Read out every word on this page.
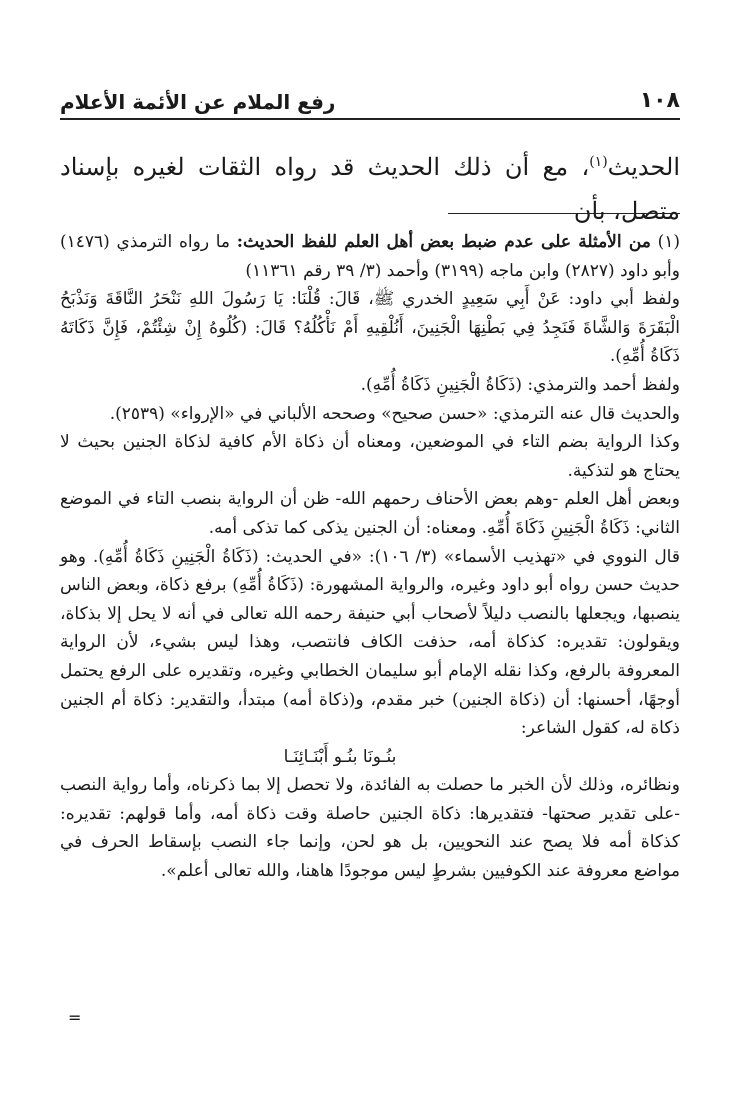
١٠٨
رفع الملام عن الأئمة الأعلام
الحديث$^{(١)}$، مع أن ذلك الحديث قد رواه الثقات لغيره بإسناد متصل، بأن

(١) من الأمثلة على عدم ضبط بعض أهل العلم للفظ الحديث: ما رواه الترمذي (١٤٧٦) وأبو داود (٢٨٢٧) وابن ماجه (٣١٩٩) وأحمد (٣/ ٣٩ رقم ١١٣٦١)

ولفظ أبي داود: عَنْ أَبِي سَعِيدٍ الخدري ﷺ، قَالَ: قُلْنَا: يَا رَسُولَ اللهِ نَنْحَرُ النَّاقَةَ وَنَذْبَحُ الْبَقَرَةَ وَالشَّاةَ فَنَجِدُ فِي بَطْنِهَا الْجَنِينَ، أَنُلْقِيهِ أَمْ نَأْكُلُهُ؟ قَالَ: (كُلُوهُ إِنْ شِئْتُمْ، فَإِنَّ ذَكَاتَهُ ذَكَاةُ أُمِّهِ).

ولفظ أحمد والترمذي: (ذَكَاةُ الْجَنِينِ ذَكَاةُ أُمِّهِ).

والحديث قال عنه الترمذي: «حسن صحيح» وصححه الألباني في «الإرواء» (٢٥٣٩).

وكذا الرواية بضم التاء في الموضعين، ومعناه أن ذكاة الأم كافية لذكاة الجنين بحيث لا يحتاج هو لتذكية.

وبعض أهل العلم -وهم بعض الأحناف رحمهم الله- ظن أن الرواية بنصب التاء في الموضع الثاني: ذَكَاةُ الْجَنِينِ ذَكَاةَ أُمِّهِ. ومعناه: أن الجنين يذكى كما تذكى أمه.

قال النووي في «تهذيب الأسماء» (٣/ ١٠٦): «في الحديث: (ذَكَاةُ الْجَنِينِ ذَكَاةُ أُمِّهِ). وهو حديث حسن رواه أبو داود وغيره، والرواية المشهورة: (ذَكَاةُ أُمِّهِ) برفع ذكاة، وبعض الناس ينصبها، ويجعلها بالنصب دليلاً لأصحاب أبي حنيفة رحمه الله تعالى في أنه لا يحل إلا بذكاة، ويقولون: تقديره: كذكاة أمه، حذفت الكاف فانتصب، وهذا ليس بشيء، لأن الرواية المعروفة بالرفع، وكذا نقله الإمام أبو سليمان الخطابي وغيره، وتقديره على الرفع يحتمل أوجهًا، أحسنها: أن (ذكاة الجنين) خبر مقدم، و(ذكاة أمه) مبتدأ، والتقدير: ذكاة أم الجنين ذكاة له، كقول الشاعر:

بنُـونَا بنُـو أَبْنَـائِنَـا

ونظائره، وذلك لأن الخبر ما حصلت به الفائدة، ولا تحصل إلا بما ذكرناه، وأما رواية النصب -على تقدير صحتها- فتقديرها: ذكاة الجنين حاصلة وقت ذكاة أمه، وأما قولهم: تقديره: كذكاة أمه فلا يصح عند النحويين، بل هو لحن، وإنما جاء النصب بإسقاط الحرف في مواضع معروفة عند الكوفيين بشرطٍ ليس موجودًا هاهنا، والله تعالى أعلم».

=
